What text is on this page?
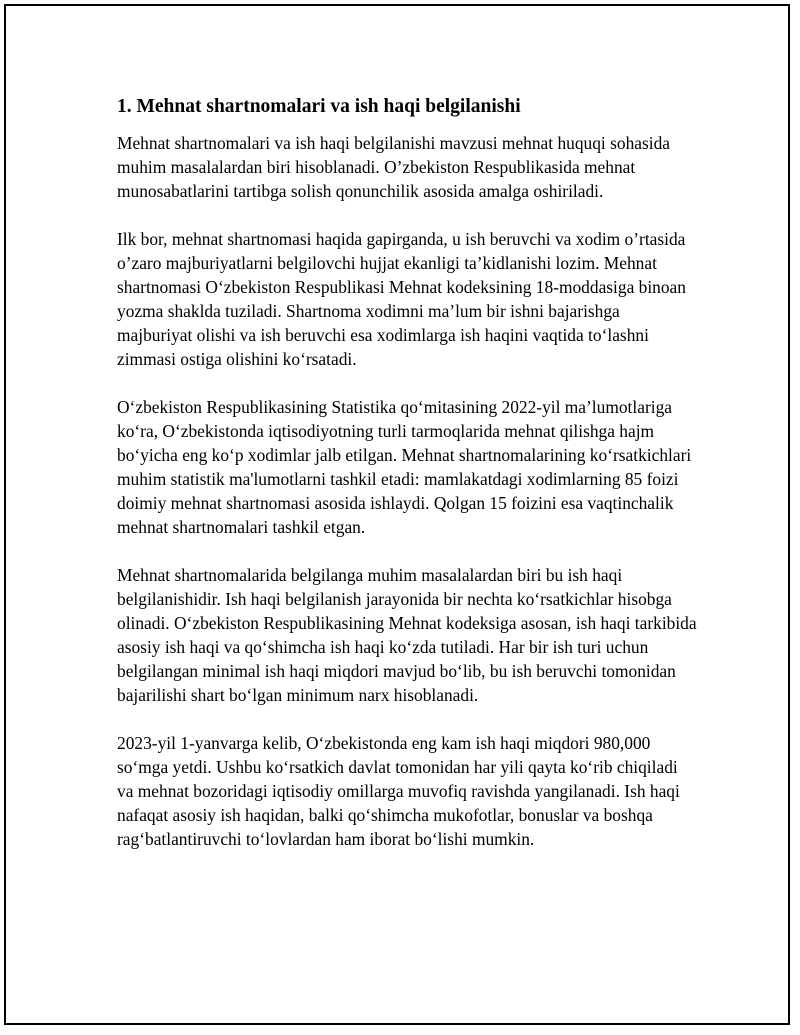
1. Mehnat shartnomalari va ish haqi belgilanishi

Mehnat shartnomalari va ish haqi belgilanishi mavzusi mehnat huquqi sohasida muhim masalalardan biri hisoblanadi. O’zbekiston Respublikasida mehnat munosabatlarini tartibga solish qonunchilik asosida amalga oshiriladi.

Ilk bor, mehnat shartnomasi haqida gapirganda, u ish beruvchi va xodim o’rtasida o’zaro majburiyatlarni belgilovchi hujjat ekanligi ta’kidlanishi lozim. Mehnat shartnomasi O‘zbekiston Respublikasi Mehnat kodeksining 18-moddasiga binoan yozma shaklda tuziladi. Shartnoma xodimni ma’lum bir ishni bajarishga majburiyat olishi va ish beruvchi esa xodimlarga ish haqini vaqtida to‘lashni zimmasi ostiga olishini ko‘rsatadi.

O‘zbekiston Respublikasining Statistika qo‘mitasining 2022-yil ma’lumotlariga ko‘ra, O‘zbekistonda iqtisodiyotning turli tarmoqlarida mehnat qilishga hajm bo‘yicha eng ko‘p xodimlar jalb etilgan. Mehnat shartnomalarining ko‘rsatkichlari muhim statistik ma'lumotlarni tashkil etadi: mamlakatdagi xodimlarning 85 foizi doimiy mehnat shartnomasi asosida ishlaydi. Qolgan 15 foizini esa vaqtinchalik mehnat shartnomalari tashkil etgan.

Mehnat shartnomalarida belgilanga muhim masalalardan biri bu ish haqi belgilanishidir. Ish haqi belgilanish jarayonida bir nechta ko‘rsatkichlar hisobga olinadi. O‘zbekiston Respublikasining Mehnat kodeksiga asosan, ish haqi tarkibida asosiy ish haqi va qo‘shimcha ish haqi ko‘zda tutiladi. Har bir ish turi uchun belgilangan minimal ish haqi miqdori mavjud bo‘lib, bu ish beruvchi tomonidan bajarilishi shart bo‘lgan minimum narx hisoblanadi.

2023-yil 1-yanvarga kelib, O‘zbekistonda eng kam ish haqi miqdori 980,000 so‘mga yetdi. Ushbu ko‘rsatkich davlat tomonidan har yili qayta ko‘rib chiqiladi va mehnat bozoridagi iqtisodiy omillarga muvofiq ravishda yangilanadi. Ish haqi nafaqat asosiy ish haqidan, balki qo‘shimcha mukofotlar, bonuslar va boshqa rag‘batlantiruvchi to‘lovlardan ham iborat bo‘lishi mumkin.
